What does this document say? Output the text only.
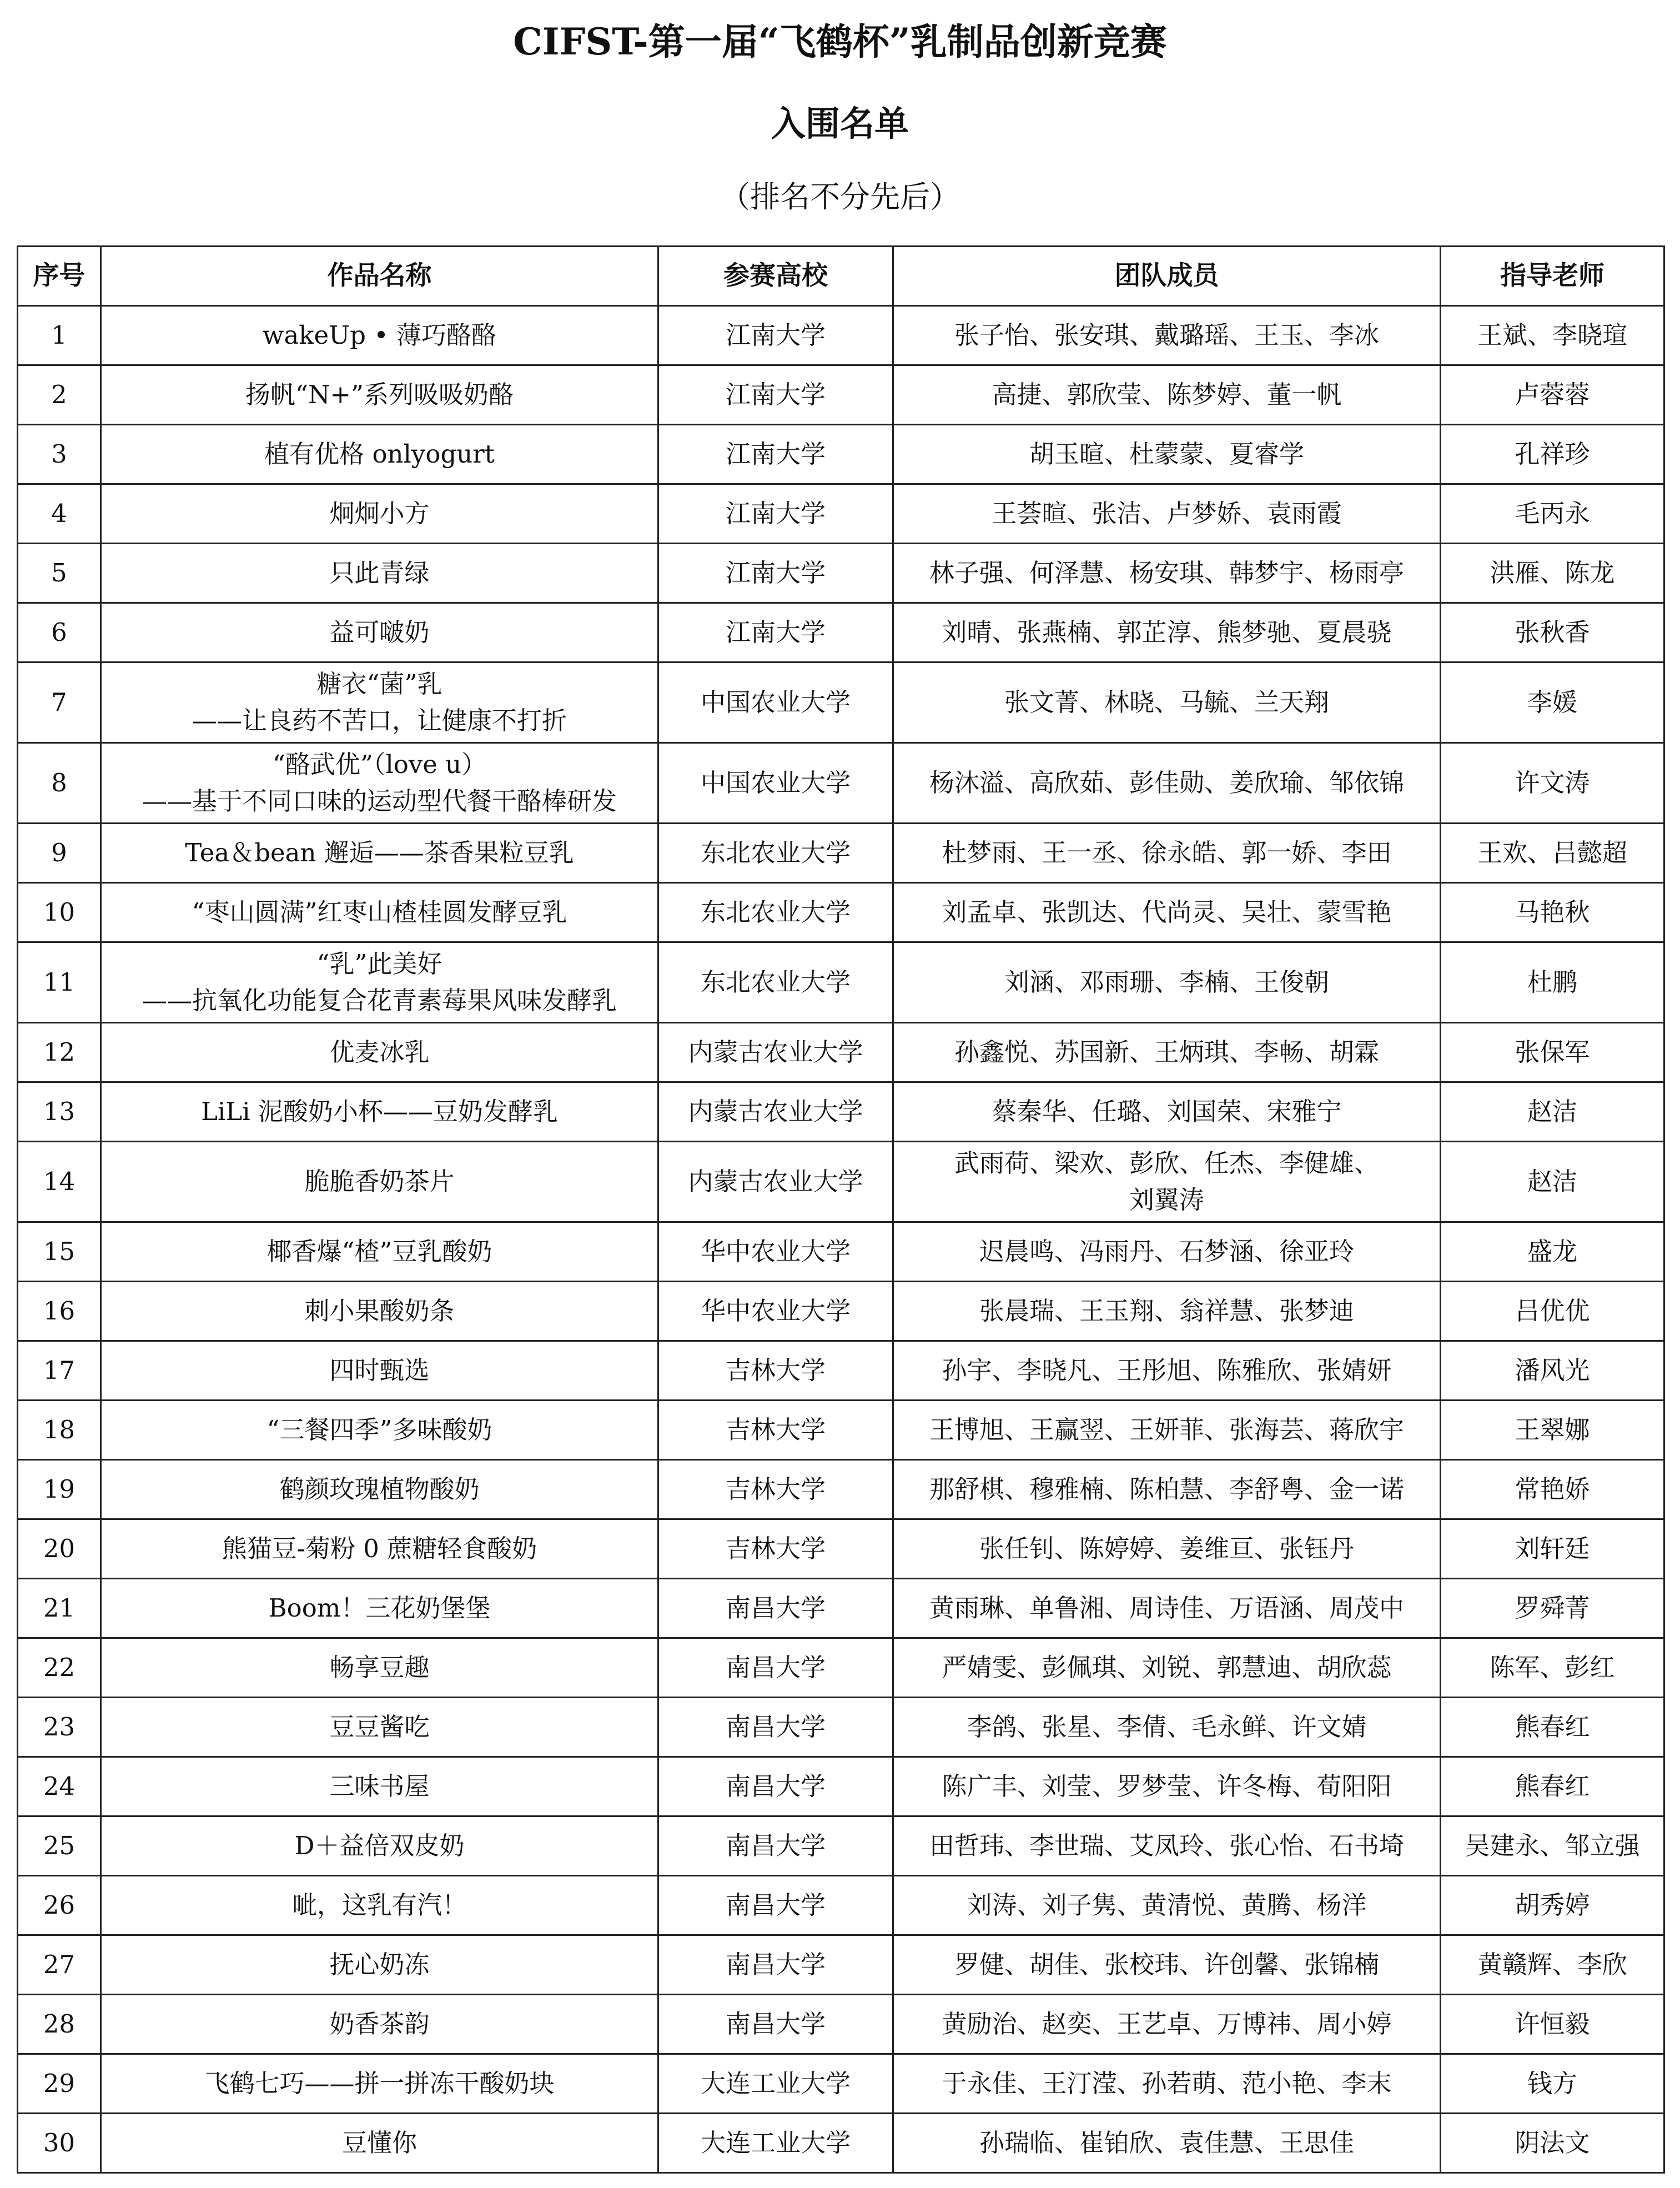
CIFST-第一届“飞鹤杯”乳制品创新竞赛
入围名单
（排名不分先后）
序号	作品名称	参赛高校	团队成员	指导老师
1	wakeUp • 薄巧酪酪	江南大学	张子怡、张安琪、戴璐瑶、王玉、李冰	王斌、李晓瑄
2	扬帆“N+”系列吸吸奶酪	江南大学	高捷、郭欣莹、陈梦婷、董一帆	卢蓉蓉
3	植有优格 onlyogurt	江南大学	胡玉暄、杜蒙蒙、夏睿学	孔祥珍
4	炯炯小方	江南大学	王荟暄、张洁、卢梦娇、袁雨霞	毛丙永
5	只此青绿	江南大学	林子强、何泽慧、杨安琪、韩梦宇、杨雨亭	洪雁、陈龙
6	益可啵奶	江南大学	刘晴、张燕楠、郭芷淳、熊梦驰、夏晨骁	张秋香
7	糖衣“菌”乳
——让良药不苦口，让健康不打折	中国农业大学	张文菁、林晓、马毓、兰天翔	李媛
8	“酪武优”（love u）
——基于不同口味的运动型代餐干酪棒研发	中国农业大学	杨沐溢、高欣茹、彭佳勋、姜欣瑜、邹依锦	许文涛
9	Tea＆bean 邂逅——茶香果粒豆乳	东北农业大学	杜梦雨、王一丞、徐永皓、郭一娇、李田	王欢、吕懿超
10	“枣山圆满”红枣山楂桂圆发酵豆乳	东北农业大学	刘孟卓、张凯达、代尚灵、吴壮、蒙雪艳	马艳秋
11	“乳”此美好
——抗氧化功能复合花青素莓果风味发酵乳	东北农业大学	刘涵、邓雨珊、李楠、王俊朝	杜鹏
12	优麦冰乳	内蒙古农业大学	孙鑫悦、苏国新、王炳琪、李畅、胡霖	张保军
13	LiLi 泥酸奶小杯——豆奶发酵乳	内蒙古农业大学	蔡秦华、任璐、刘国荣、宋雅宁	赵洁
14	脆脆香奶茶片	内蒙古农业大学	武雨荷、梁欢、彭欣、任杰、李健雄、
刘翼涛	赵洁
15	椰香爆“楂”豆乳酸奶	华中农业大学	迟晨鸣、冯雨丹、石梦涵、徐亚玲	盛龙
16	刺小果酸奶条	华中农业大学	张晨瑞、王玉翔、翁祥慧、张梦迪	吕优优
17	四时甄选	吉林大学	孙宇、李晓凡、王彤旭、陈雅欣、张婧妍	潘风光
18	“三餐四季”多味酸奶	吉林大学	王博旭、王赢翌、王妍菲、张海芸、蒋欣宇	王翠娜
19	鹤颜玫瑰植物酸奶	吉林大学	那舒棋、穆雅楠、陈柏慧、李舒粤、金一诺	常艳娇
20	熊猫豆-菊粉 0 蔗糖轻食酸奶	吉林大学	张任钊、陈婷婷、姜维亘、张钰丹	刘轩廷
21	Boom！三花奶堡堡	南昌大学	黄雨琳、单鲁湘、周诗佳、万语涵、周茂中	罗舜菁
22	畅享豆趣	南昌大学	严婧雯、彭佩琪、刘锐、郭慧迪、胡欣蕊	陈军、彭红
23	豆豆酱吃	南昌大学	李鸽、张星、李倩、毛永鲜、许文婧	熊春红
24	三味书屋	南昌大学	陈广丰、刘莹、罗梦莹、许冬梅、荀阳阳	熊春红
25	D＋益倍双皮奶	南昌大学	田哲玮、李世瑞、艾凤玲、张心怡、石书埼	吴建永、邹立强
26	呲，这乳有汽！	南昌大学	刘涛、刘子隽、黄清悦、黄腾、杨洋	胡秀婷
27	抚心奶冻	南昌大学	罗健、胡佳、张校玮、许创馨、张锦楠	黄赣辉、李欣
28	奶香茶韵	南昌大学	黄励治、赵奕、王艺卓、万博祎、周小婷	许恒毅
29	飞鹤七巧——拼一拼冻干酸奶块	大连工业大学	于永佳、王汀滢、孙若萌、范小艳、李末	钱方
30	豆懂你	大连工业大学	孙瑞临、崔铂欣、袁佳慧、王思佳	阴法文
